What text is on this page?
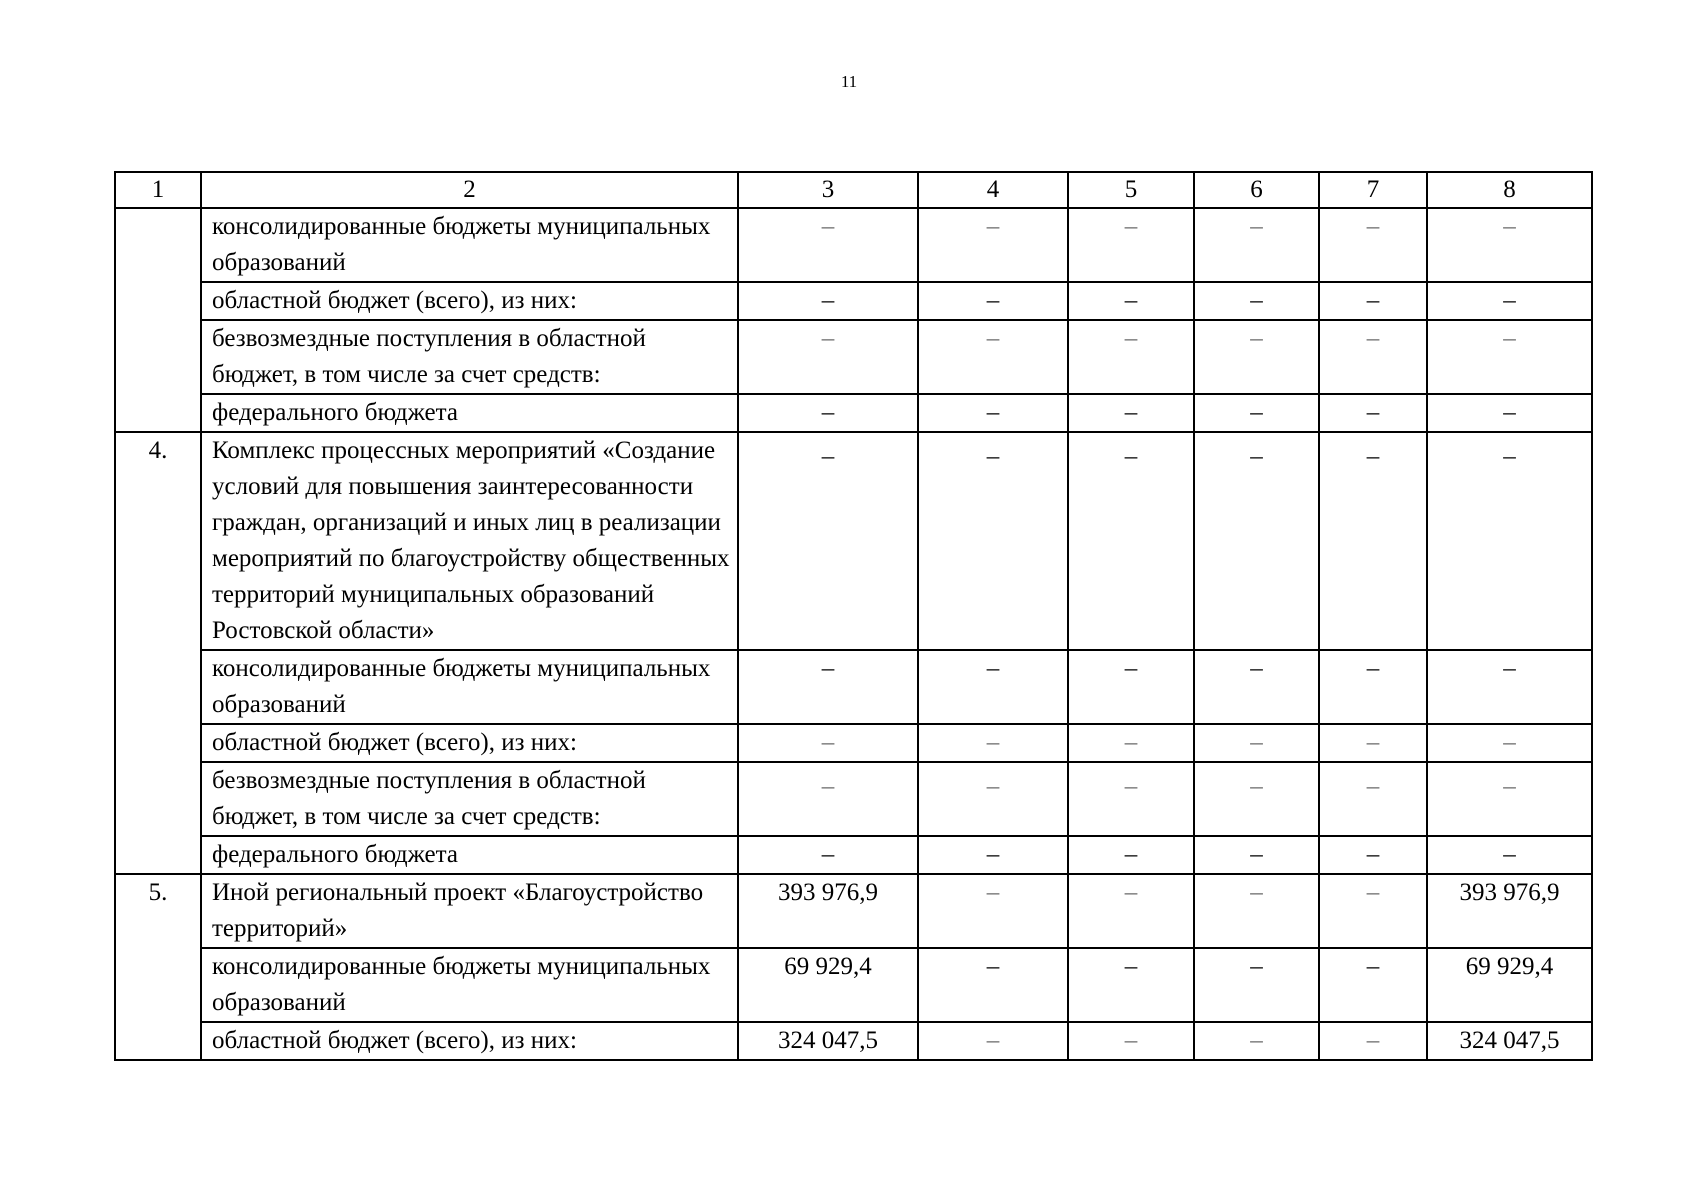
11
1	2	3	4	5	6	7	8
	консолидированные бюджеты муниципальных образований	–	–	–	–	–	–
	областной бюджет (всего), из них:	–	–	–	–	–	–
	безвозмездные поступления в областной бюджет, в том числе за счет средств:	–	–	–	–	–	–
	федерального бюджета	–	–	–	–	–	–
4.	Комплекс процессных мероприятий «Создание условий для повышения заинтересованности граждан, организаций и иных лиц в реализации мероприятий по благоустройству общественных территорий муниципальных образований Ростовской области»	–	–	–	–	–	–
	консолидированные бюджеты муниципальных образований	–	–	–	–	–	–
	областной бюджет (всего), из них:	–	–	–	–	–	–
	безвозмездные поступления в областной бюджет, в том числе за счет средств:	–	–	–	–	–	–
	федерального бюджета	–	–	–	–	–	–
5.	Иной региональный проект «Благоустройство территорий»	393 976,9	–	–	–	–	393 976,9
	консолидированные бюджеты муниципальных образований	69 929,4	–	–	–	–	69 929,4
	областной бюджет (всего), из них:	324 047,5	–	–	–	–	324 047,5
